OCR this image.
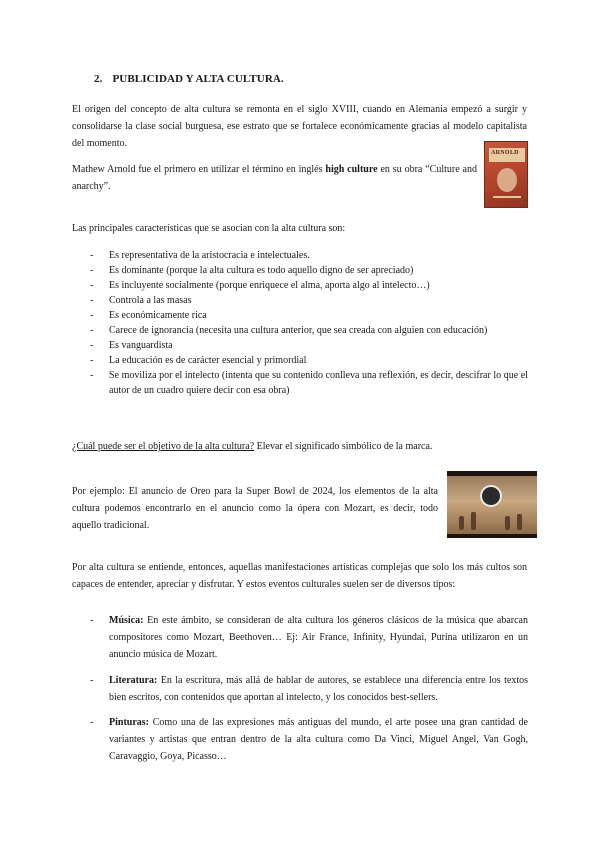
2. PUBLICIDAD Y ALTA CULTURA.

El origen del concepto de alta cultura se remonta en el siglo XVIII, cuando en Alemania empezó a surgir y consolidarse la clase social burguesa, ese estrato que se fortalece económicamente gracias al modelo capitalista del momento.

Mathew Arnold fue el primero en utilizar el término en inglés high culture en su obra “Culture and anarchy”.

ARNOLD

Las principales características que se asocian con la alta cultura son:

- Es representativa de la aristocracia e intelectuales.
- Es dominante (porque la alta cultura es todo aquello digno de ser apreciado)
- Es incluyente socialmente (porque enriquece el alma, aporta algo al intelecto…)
- Controla a las masas
- Es económicamente rica
- Carece de ignorancia (necesita una cultura anterior, que sea creada con alguien con educación)
- Es vanguardista
- La educación es de carácter esencial y primordial
- Se moviliza por el intelecto (intenta que su contenido conlleva una reflexión, es decir, descifrar lo que el autor de un cuadro quiere decir con esa obra)

¿Cuál puede ser el objetivo de la alta cultura? Elevar el significado simbólico de la marca.

Por ejemplo: El anuncio de Oreo para la Super Bowl de 2024, los elementos de la alta cultura podemos encontrarlo en el anuncio como la ópera con Mozart, es decir, todo aquello tradicional.

Por alta cultura se entiende, entonces, aquellas manifestaciones artísticas complejas que solo los más cultos son capaces de entender, apreciar y disfrutar. Y estos eventos culturales suelen ser de diversos tipos:

- Música: En este ámbito, se consideran de alta cultura los géneros clásicos de la música que abarcan compositores como Mozart, Beethoven… Ej: Air France, Infinity, Hyundai, Purina utilizaron en un anuncio música de Mozart.
- Literatura: En la escritura, más allá de hablar de autores, se establece una diferencia entre los textos bien escritos, con contenidos que aportan al intelecto, y los conocidos best-sellers.
- Pinturas: Como una de las expresiones más antiguas del mundo, el arte posee una gran cantidad de variantes y artistas que entran dentro de la alta cultura como Da Vinci, Miguel Angel, Van Gogh, Caravaggio, Goya, Picasso…
